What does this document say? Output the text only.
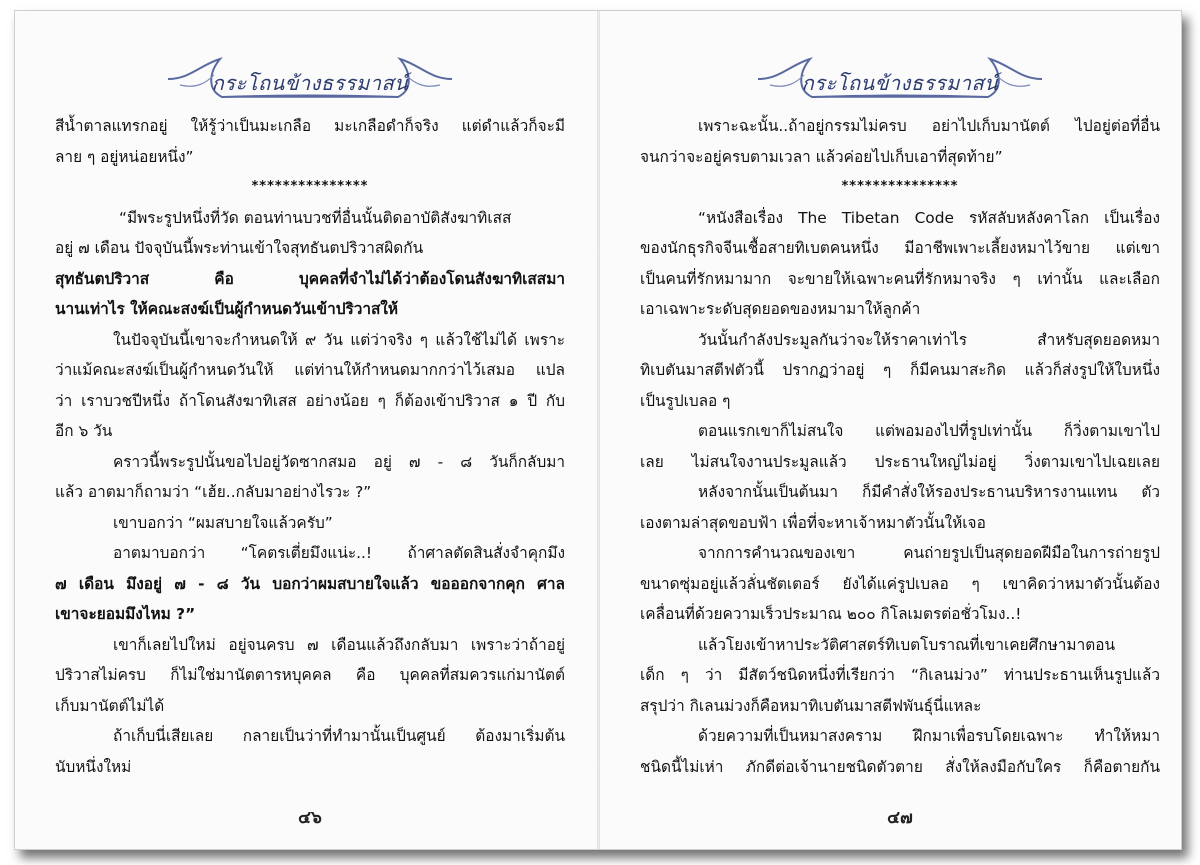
กระโถนข้างธรรมาสน์
สีน้ำตาลแทรกอยู่ ให้รู้ว่าเป็นมะเกลือ มะเกลือดำก็จริง แต่ดำแล้วก็จะมี
ลาย ๆ อยู่หน่อยหนึ่ง”
***************
“มีพระรูปหนึ่งที่วัด ตอนท่านบวชที่อื่นนั้นติดอาบัติสังฆาทิเสส
อยู่ ๗ เดือน ปัจจุบันนี้พระท่านเข้าใจสุทธันตปริวาสผิดกัน
สุทธันตปริวาส คือ บุคคลที่จำไม่ได้ว่าต้องโดนสังฆาทิเสสมา
นานเท่าไร ให้คณะสงฆ์เป็นผู้กำหนดวันเข้าปริวาสให้
ในปัจจุบันนี้เขาจะกำหนดให้ ๙ วัน แต่ว่าจริง ๆ แล้วใช้ไม่ได้ เพราะ
ว่าแม้คณะสงฆ์เป็นผู้กำหนดวันให้ แต่ท่านให้กำหนดมากกว่าไว้เสมอ แปล
ว่า เราบวชปีหนึ่ง ถ้าโดนสังฆาทิเสส อย่างน้อย ๆ ก็ต้องเข้าปริวาส ๑ ปี กับ
อีก ๖ วัน
คราวนี้พระรูปนั้นขอไปอยู่วัดซากสมอ อยู่ ๗ - ๘ วันก็กลับมา
แล้ว อาตมาก็ถามว่า “เฮ้ย..กลับมาอย่างไรวะ ?”
เขาบอกว่า “ผมสบายใจแล้วครับ”
อาตมาบอกว่า “โคตรเตี่ยมึงแน่ะ..! ถ้าศาลตัดสินสั่งจำคุกมึง
๗ เดือน มึงอยู่ ๗ - ๘ วัน บอกว่าผมสบายใจแล้ว ขอออกจากคุก ศาล
เขาจะยอมมึงไหม ?”
เขาก็เลยไปใหม่ อยู่จนครบ ๗ เดือนแล้วถึงกลับมา เพราะว่าถ้าอยู่
ปริวาสไม่ครบ ก็ไม่ใช่มานัตตารหบุคคล คือ บุคคลที่สมควรแก่มานัตต์
เก็บมานัตต์ไม่ได้
ถ้าเก็บนี่เสียเลย กลายเป็นว่าที่ทำมานั้นเป็นศูนย์ ต้องมาเริ่มต้น
นับหนึ่งใหม่
๔๖
กระโถนข้างธรรมาสน์
เพราะฉะนั้น..ถ้าอยู่กรรมไม่ครบ อย่าไปเก็บมานัตต์ ไปอยู่ต่อที่อื่น
จนกว่าจะอยู่ครบตามเวลา แล้วค่อยไปเก็บเอาที่สุดท้าย”
***************
“หนังสือเรื่อง The Tibetan Code รหัสลับหลังคาโลก เป็นเรื่อง
ของนักธุรกิจจีนเชื้อสายทิเบตคนหนึ่ง มีอาชีพเพาะเลี้ยงหมาไว้ขาย แต่เขา
เป็นคนที่รักหมามาก จะขายให้เฉพาะคนที่รักหมาจริง ๆ เท่านั้น และเลือก
เอาเฉพาะระดับสุดยอดของหมามาให้ลูกค้า
วันนั้นกำลังประมูลกันว่าจะให้ราคาเท่าไร สำหรับสุดยอดหมา
ทิเบตันมาสตีฟตัวนี้ ปรากฏว่าอยู่ ๆ ก็มีคนมาสะกิด แล้วก็ส่งรูปให้ใบหนึ่ง
เป็นรูปเบลอ ๆ
ตอนแรกเขาก็ไม่สนใจ แต่พอมองไปที่รูปเท่านั้น ก็วิ่งตามเขาไป
เลย ไม่สนใจงานประมูลแล้ว ประธานใหญ่ไม่อยู่ วิ่งตามเขาไปเฉยเลย
หลังจากนั้นเป็นต้นมา ก็มีคำสั่งให้รองประธานบริหารงานแทน ตัว
เองตามล่าสุดขอบฟ้า เพื่อที่จะหาเจ้าหมาตัวนั้นให้เจอ
จากการคำนวณของเขา คนถ่ายรูปเป็นสุดยอดฝีมือในการถ่ายรูป
ขนาดซุ่มอยู่แล้วลั่นชัตเตอร์ ยังได้แค่รูปเบลอ ๆ เขาคิดว่าหมาตัวนั้นต้อง
เคลื่อนที่ด้วยความเร็วประมาณ ๒๐๐ กิโลเมตรต่อชั่วโมง..!
แล้วโยงเข้าหาประวัติศาสตร์ทิเบตโบราณที่เขาเคยศึกษามาตอน
เด็ก ๆ ว่า มีสัตว์ชนิดหนึ่งที่เรียกว่า “กิเลนม่วง” ท่านประธานเห็นรูปแล้ว
สรุปว่า กิเลนม่วงก็คือหมาทิเบตันมาสตีฟพันธุ์นี่แหละ
ด้วยความที่เป็นหมาสงคราม ฝึกมาเพื่อรบโดยเฉพาะ ทำให้หมา
ชนิดนี้ไม่เห่า ภักดีต่อเจ้านายชนิดตัวตาย สั่งให้ลงมือกับใคร ก็คือตายกัน
๔๗
